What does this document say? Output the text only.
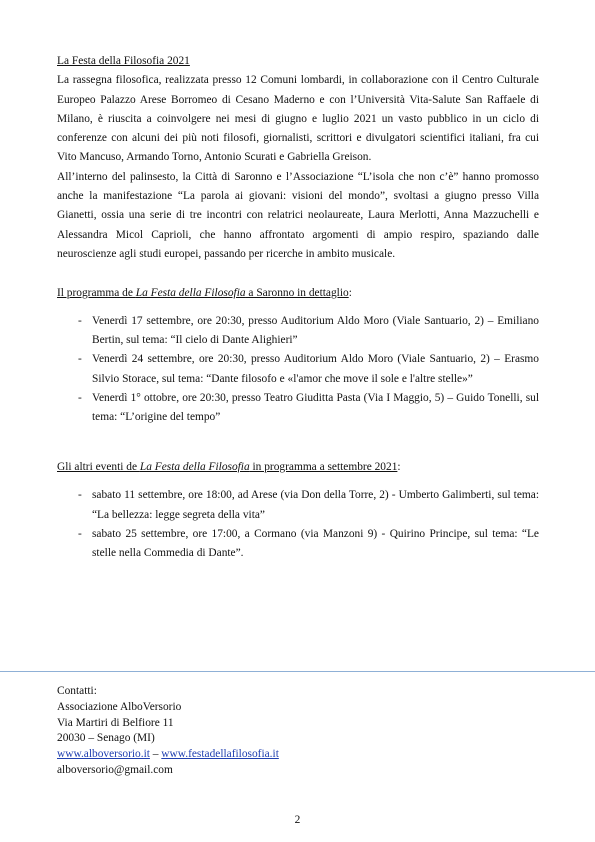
La Festa della Filosofia 2021

La rassegna filosofica, realizzata presso 12 Comuni lombardi, in collaborazione con il Centro Culturale Europeo Palazzo Arese Borromeo di Cesano Maderno e con l’Università Vita-Salute San Raffaele di Milano, è riuscita a coinvolgere nei mesi di giugno e luglio 2021 un vasto pubblico in un ciclo di conferenze con alcuni dei più noti filosofi, giornalisti, scrittori e divulgatori scientifici italiani, fra cui Vito Mancuso, Armando Torno, Antonio Scurati e Gabriella Greison.

All’interno del palinsesto, la Città di Saronno e l’Associazione “L’isola che non c’è” hanno promosso anche la manifestazione “La parola ai giovani: visioni del mondo”, svoltasi a giugno presso Villa Gianetti, ossia una serie di tre incontri con relatrici neolaureate, Laura Merlotti, Anna Mazzuchelli e Alessandra Micol Caprioli, che hanno affrontato argomenti di ampio respiro, spaziando dalle neuroscienze agli studi europei, passando per ricerche in ambito musicale.

Il programma de La Festa della Filosofia a Saronno in dettaglio:

- Venerdì 17 settembre, ore 20:30, presso Auditorium Aldo Moro (Viale Santuario, 2) – Emiliano Bertin, sul tema: “Il cielo di Dante Alighieri”
- Venerdì 24 settembre, ore 20:30, presso Auditorium Aldo Moro (Viale Santuario, 2) – Erasmo Silvio Storace, sul tema: “Dante filosofo e «l'amor che move il sole e l'altre stelle»”
- Venerdì 1° ottobre, ore 20:30, presso Teatro Giuditta Pasta (Via I Maggio, 5) – Guido Tonelli, sul tema: “L’origine del tempo”

Gli altri eventi de La Festa della Filosofia in programma a settembre 2021:

- sabato 11 settembre, ore 18:00, ad Arese (via Don della Torre, 2) - Umberto Galimberti, sul tema: “La bellezza: legge segreta della vita”
- sabato 25 settembre, ore 17:00, a Cormano (via Manzoni 9) - Quirino Principe, sul tema: “Le stelle nella Commedia di Dante”.
Contatti:
Associazione AlboVersorio
Via Martiri di Belfiore 11
20030 – Senago (MI)
www.alboversorio.it – www.festadellafilosofia.it
alboversorio@gmail.com
2
